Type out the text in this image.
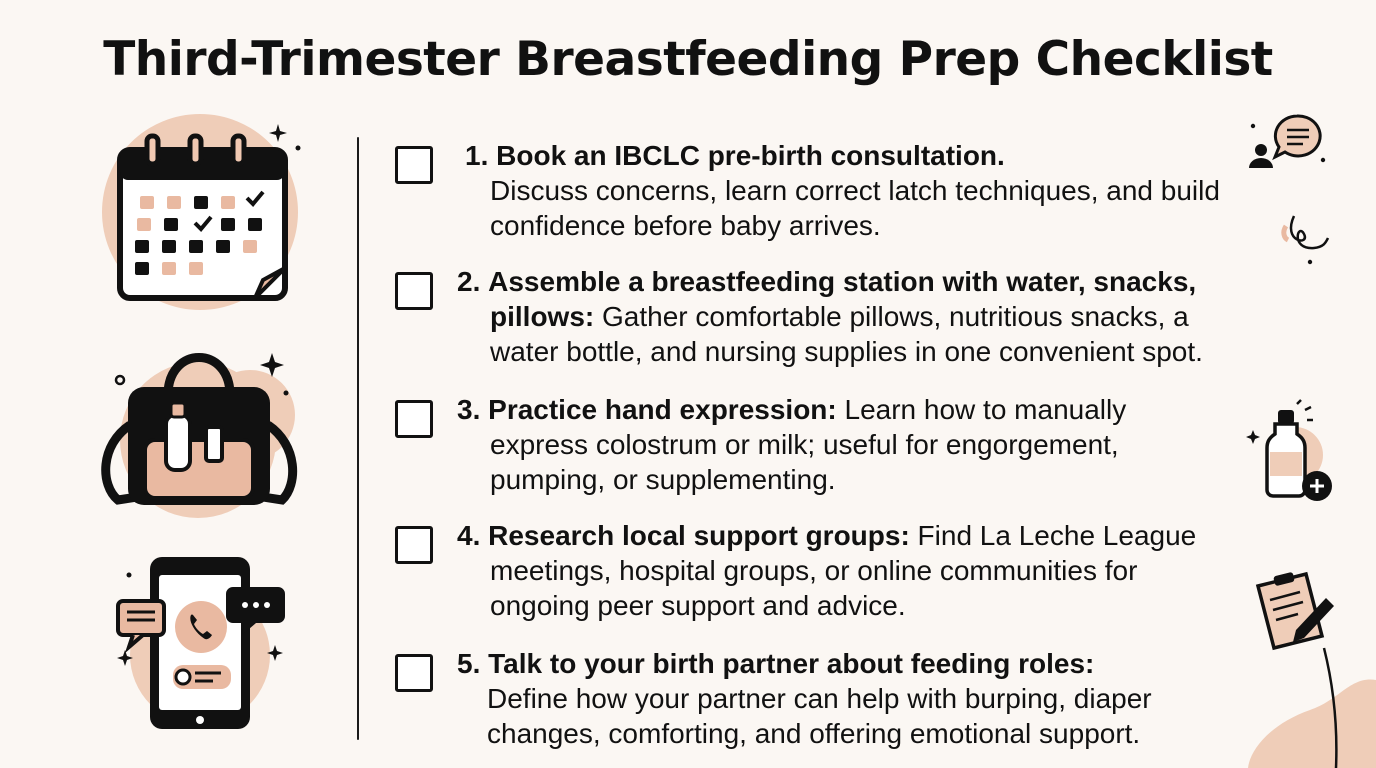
Third-Trimester Breastfeeding Prep Checklist
1. Book an IBCLC pre-birth consultation.
Discuss concerns, learn correct latch techniques, and build
confidence before baby arrives.
2. Assemble a breastfeeding station with water, snacks,
pillows: Gather comfortable pillows, nutritious snacks, a
water bottle, and nursing supplies in one convenient spot.
3. Practice hand expression: Learn how to manually
express colostrum or milk; useful for engorgement,
pumping, or supplementing.
4. Research local support groups: Find La Leche League
meetings, hospital groups, or online communities for
ongoing peer support and advice.
5. Talk to your birth partner about feeding roles:
Define how your partner can help with burping, diaper
changes, comforting, and offering emotional support.
